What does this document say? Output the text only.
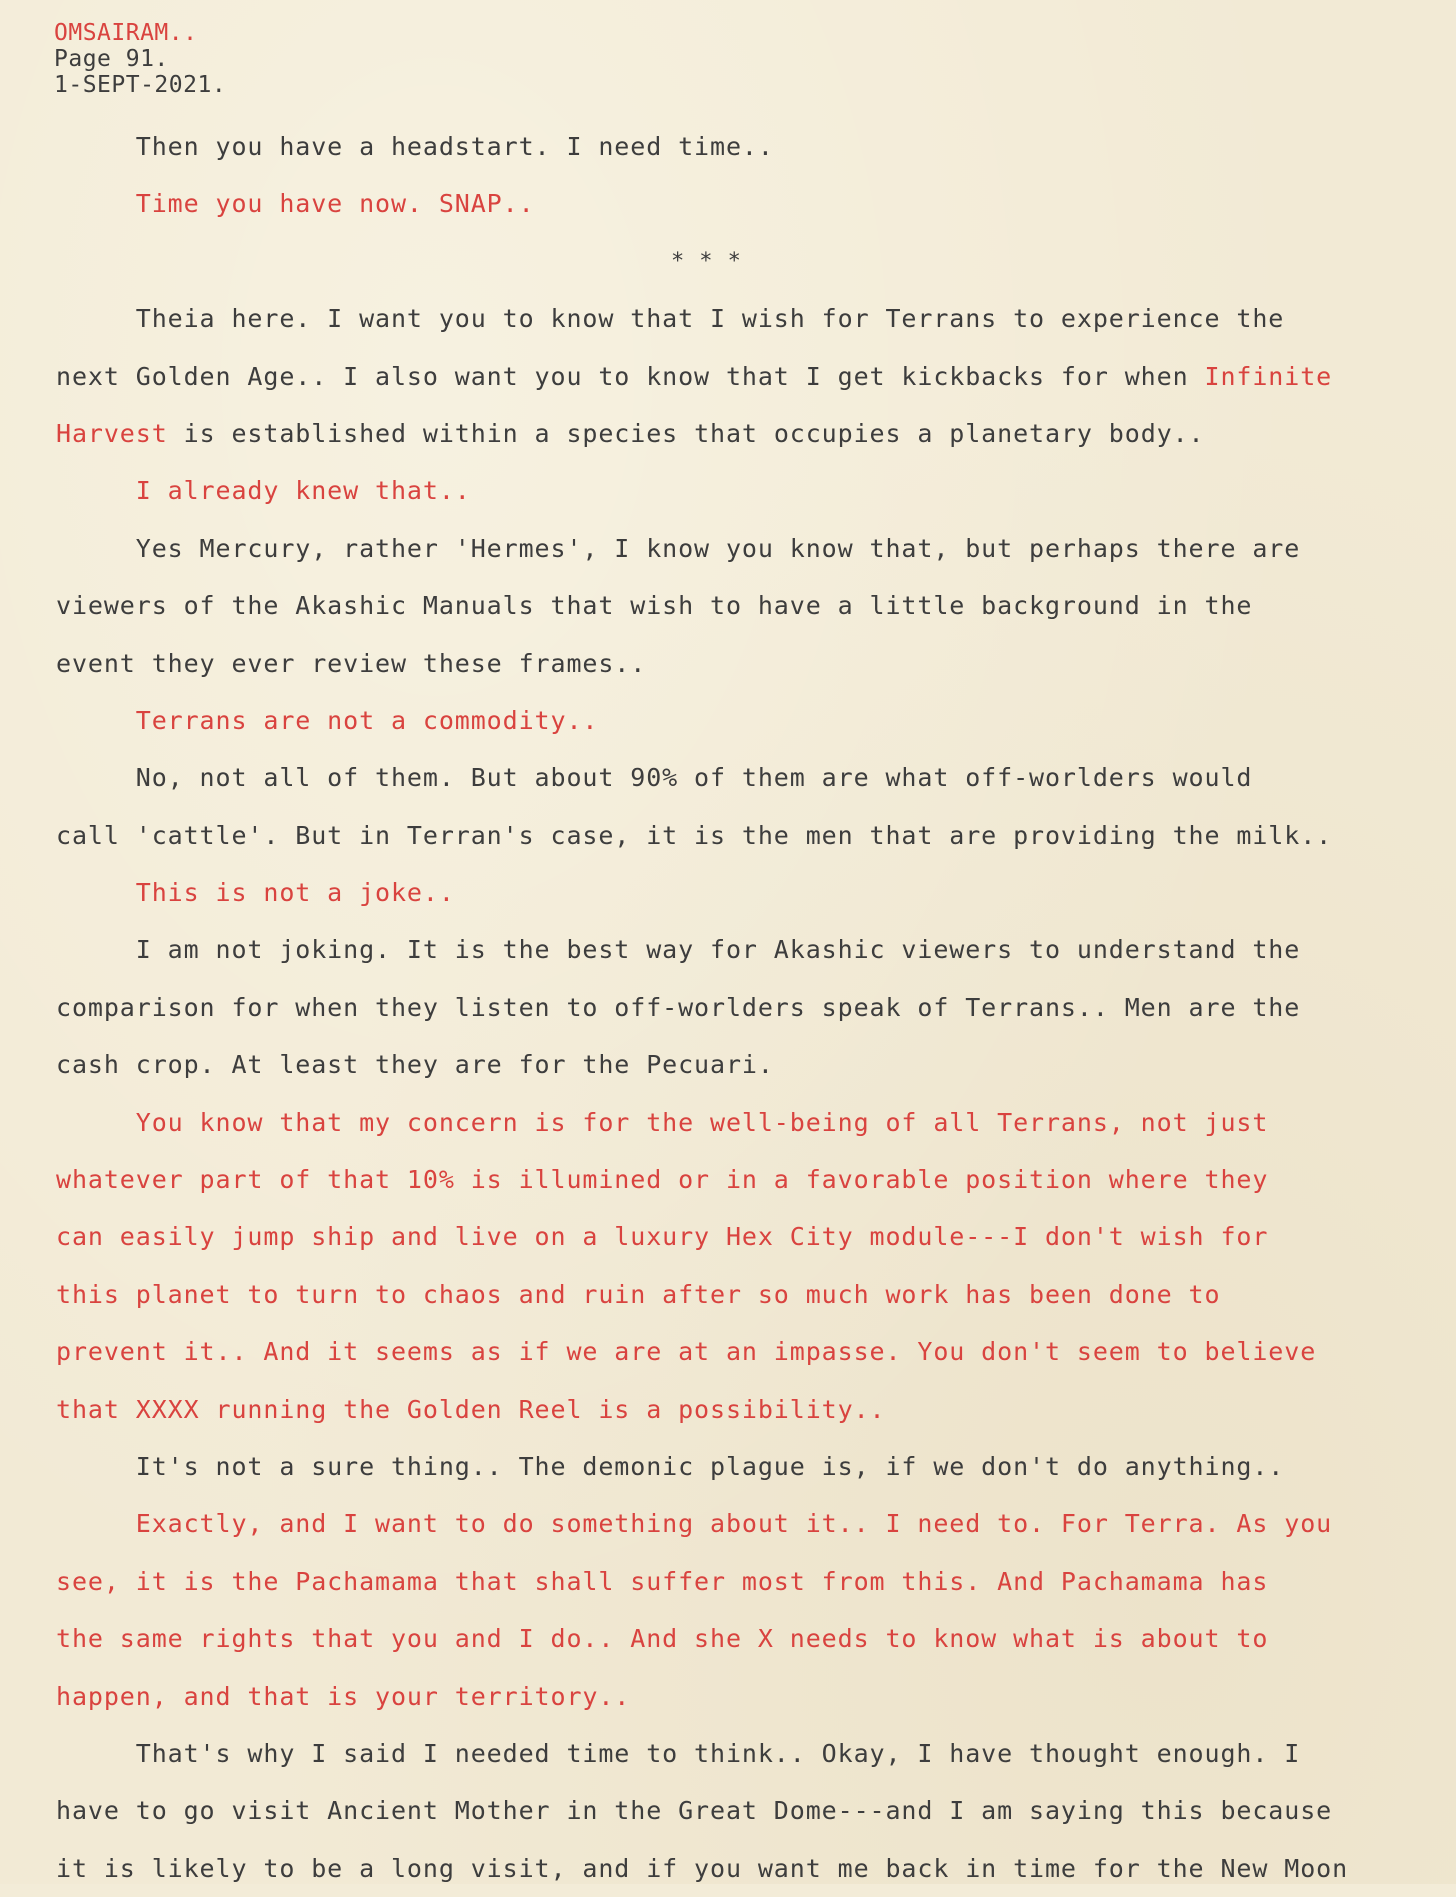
OMSAIRAM..
Page 91.
1-SEPT-2021.
Then you have a headstart. I need time..
Time you have now. SNAP..
* * *
Theia here. I want you to know that I wish for Terrans to experience the
next Golden Age.. I also want you to know that I get kickbacks for when Infinite
Harvest is established within a species that occupies a planetary body..
I already knew that..
Yes Mercury, rather 'Hermes', I know you know that, but perhaps there are
viewers of the Akashic Manuals that wish to have a little background in the
event they ever review these frames..
Terrans are not a commodity..
No, not all of them. But about 90% of them are what off-worlders would
call 'cattle'. But in Terran's case, it is the men that are providing the milk..
This is not a joke..
I am not joking. It is the best way for Akashic viewers to understand the
comparison for when they listen to off-worlders speak of Terrans.. Men are the
cash crop. At least they are for the Pecuari.
You know that my concern is for the well-being of all Terrans, not just
whatever part of that 10% is illumined or in a favorable position where they
can easily jump ship and live on a luxury Hex City module---I don't wish for
this planet to turn to chaos and ruin after so much work has been done to
prevent it.. And it seems as if we are at an impasse. You don't seem to believe
that XXXX running the Golden Reel is a possibility..
It's not a sure thing.. The demonic plague is, if we don't do anything..
Exactly, and I want to do something about it.. I need to. For Terra. As you
see, it is the Pachamama that shall suffer most from this. And Pachamama has
the same rights that you and I do.. And she X needs to know what is about to
happen, and that is your territory..
That's why I said I needed time to think.. Okay, I have thought enough. I
have to go visit Ancient Mother in the Great Dome---and I am saying this because
it is likely to be a long visit, and if you want me back in time for the New Moon
